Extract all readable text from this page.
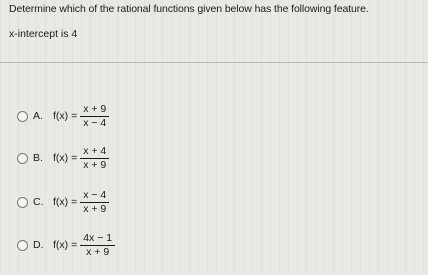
Determine which of the rational functions given below has the following feature.
x-intercept is 4
A. $f(x) = \frac{x + 9}{x - 4}$
B. $f(x) = \frac{x + 4}{x + 9}$
C. $f(x) = \frac{x - 4}{x + 9}$
D. $f(x) = \frac{4x - 1}{x + 9}$
